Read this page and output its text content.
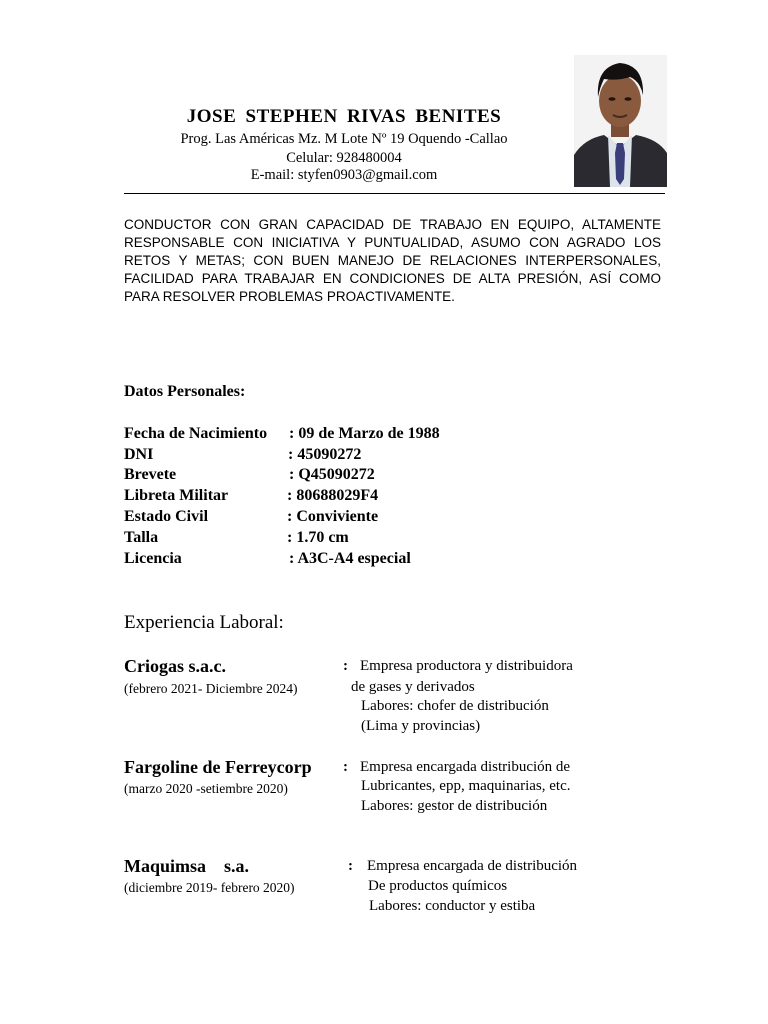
JOSE STEPHEN RIVAS BENITES
Prog. Las Américas Mz. M Lote Nº 19 Oquendo -Callao
Celular: 928480004
E-mail: styfen0903@gmail.com
CONDUCTOR CON GRAN CAPACIDAD DE TRABAJO EN EQUIPO, ALTAMENTE RESPONSABLE CON INICIATIVA Y PUNTUALIDAD, ASUMO CON AGRADO LOS RETOS Y METAS; CON BUEN MANEJO DE RELACIONES INTERPERSONALES, FACILIDAD PARA TRABAJAR EN CONDICIONES DE ALTA PRESIÓN, ASÍ COMO PARA RESOLVER PROBLEMAS PROACTIVAMENTE.
Datos Personales:
Fecha de Nacimiento : 09 de Marzo de 1988
DNI	: 45090272
Brevete	: Q45090272
Libreta Militar	: 80688029F4
Estado Civil	: Conviviente
Talla	: 1.70 cm
Licencia	: A3C-A4 especial
Experiencia Laboral:
Criogas s.a.c.
(febrero 2021- Diciembre 2024)
: Empresa productora y distribuidora
de gases y derivados
Labores: chofer de distribución
(Lima y provincias)
Fargoline de Ferreycorp
(marzo 2020 -setiembre 2020)
: Empresa encargada distribución de
Lubricantes, epp, maquinarias, etc.
Labores: gestor de distribución
Maquimsa    s.a.
(diciembre 2019- febrero 2020)
: Empresa encargada de distribución
De productos químicos
Labores: conductor y estiba
